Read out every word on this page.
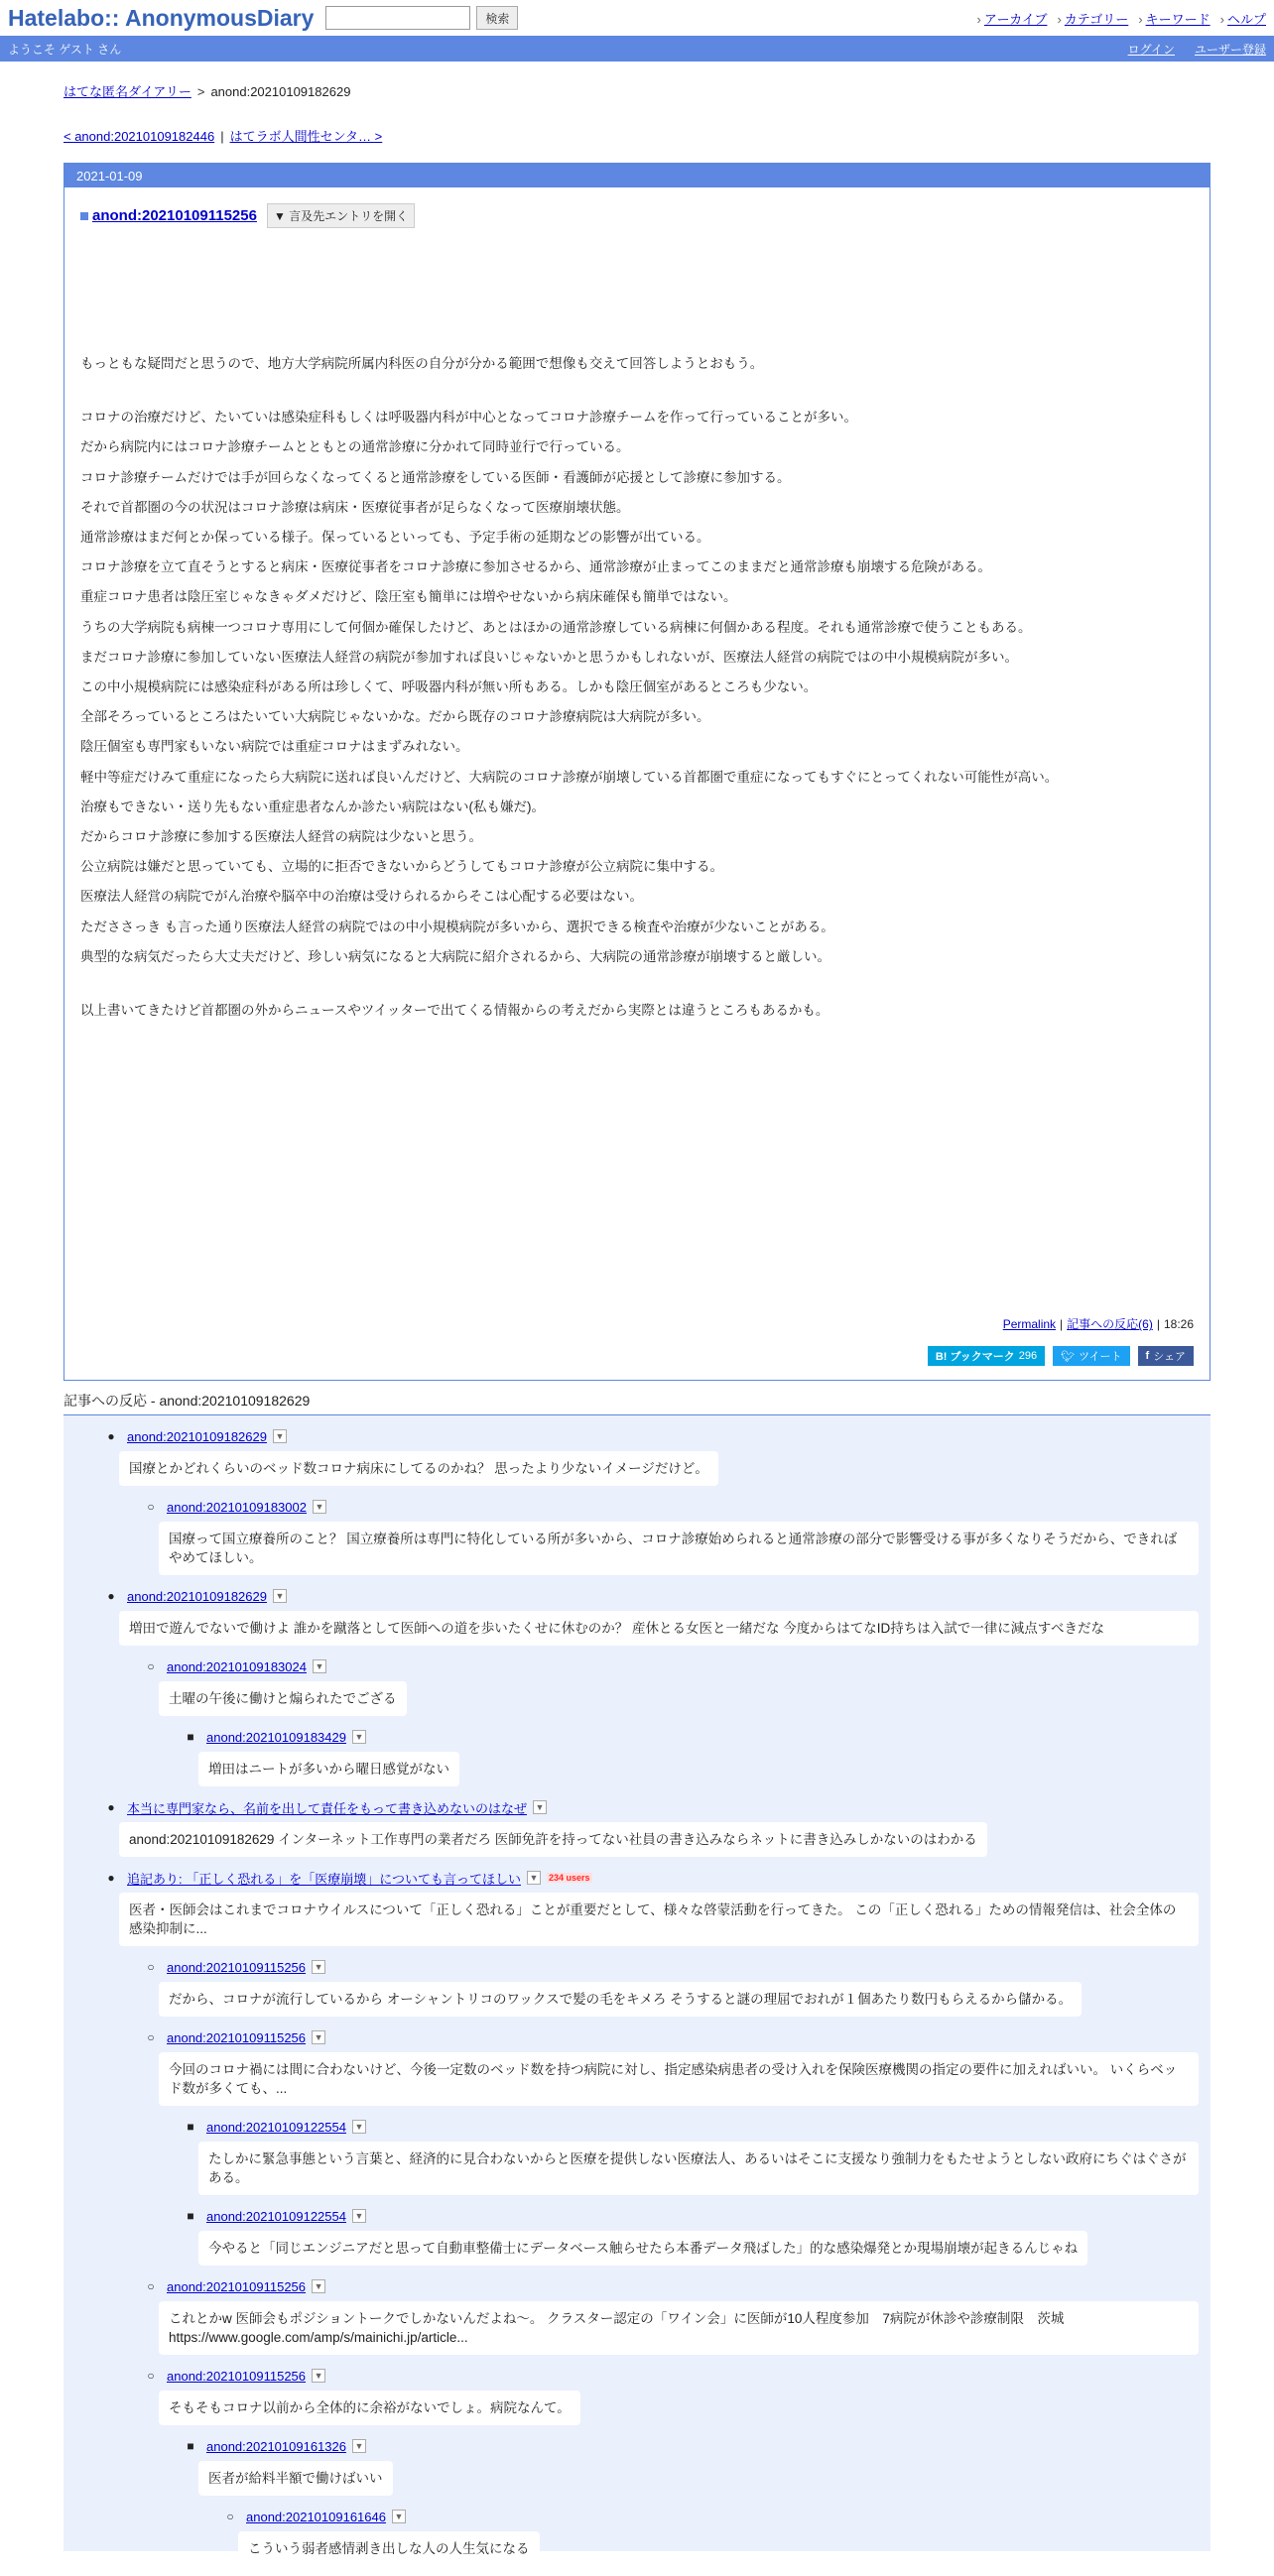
Hatelabo:: AnonymousDiary	検索	› アーカイブ	› カテゴリー	› キーワード	› ヘルプ
ようこそ ゲスト さん	ログイン ユーザー登録
はてな匿名ダイアリー > anond:20210109182629
< anond:20210109182446 | はてラボ人間性センタ… >
2021-01-09
anond:20210109115256	▼ 言及先エントリを開く

もっともな疑問だと思うので、地方大学病院所属内科医の自分が分かる範囲で想像も交えて回答しようとおもう。

コロナの治療だけど、たいていは感染症科もしくは呼吸器内科が中心となってコロナ診療チームを作って行っていることが多い。

だから病院内にはコロナ診療チームとともとの通常診療に分かれて同時並行で行っている。

コロナ診療チームだけでは手が回らなくなってくると通常診療をしている医師・看護師が応援として診療に参加する。

それで首都圏の今の状況はコロナ診療は病床・医療従事者が足らなくなって医療崩壊状態。

通常診療はまだ何とか保っている様子。保っているといっても、予定手術の延期などの影響が出ている。

コロナ診療を立て直そうとすると病床・医療従事者をコロナ診療に参加させるから、通常診療が止まってこのままだと通常診療も崩壊する危険がある。

重症コロナ患者は陰圧室じゃなきゃダメだけど、陰圧室も簡単には増やせないから病床確保も簡単ではない。

うちの大学病院も病棟一つコロナ専用にして何個か確保したけど、あとはほかの通常診療している病棟に何個かある程度。それも通常診療で使うこともある。

まだコロナ診療に参加していない医療法人経営の病院が参加すれば良いじゃないかと思うかもしれないが、医療法人経営の病院ではの中小規模病院が多い。

この中小規模病院には感染症科がある所は珍しくて、呼吸器内科が無い所もある。しかも陰圧個室があるところも少ない。

全部そろっているところはたいてい大病院じゃないかな。だから既存のコロナ診療病院は大病院が多い。

陰圧個室も専門家もいない病院では重症コロナはまずみれない。

軽中等症だけみて重症になったら大病院に送れば良いんだけど、大病院のコロナ診療が崩壊している首都圏で重症になってもすぐにとってくれない可能性が高い。

治療もできない・送り先もない重症患者なんか診たい病院はない(私も嫌だ)。

だからコロナ診療に参加する医療法人経営の病院は少ないと思う。

公立病院は嫌だと思っていても、立場的に拒否できないからどうしてもコロナ診療が公立病院に集中する。

医療法人経営の病院でがん治療や脳卒中の治療は受けられるからそこは心配する必要はない。

ただささっき も言った通り医療法人経営の病院ではの中小規模病院が多いから、選択できる検査や治療が少ないことがある。

典型的な病気だったら大丈夫だけど、珍しい病気になると大病院に紹介されるから、大病院の通常診療が崩壊すると厳しい。

以上書いてきたけど首都圏の外からニュースやツイッターで出てくる情報からの考えだから実際とは違うところもあるかも。

Permalink | 記事への反応(6) | 18:26
B! ブックマーク 296 🐦︎ ツイート f シェア
記事への反応 - anond:20210109182629
● anond:20210109182629 ▼
国療とかどれくらいのベッド数コロナ病床にしてるのかね？ 思ったより少ないイメージだけど。
○ anond:20210109183002 ▼
国療って国立療養所のこと？ 国立療養所は専門に特化している所が多いから、コロナ診療始められると通常診療の部分で影響受ける事が多くなりそうだから、できればやめてほしい。
● anond:20210109182629 ▼
増田で遊んでないで働けよ 誰かを蹴落として医師への道を歩いたくせに休むのか？ 産休とる女医と一緒だな 今度からはてなID持ちは入試で一律に減点すべきだな
○ anond:20210109183024 ▼
土曜の午後に働けと煽られたでござる
■ anond:20210109183429 ▼
増田はニートが多いから曜日感覚がない
● 本当に専門家なら、名前を出して責任をもって書き込めないのはなぜ ▼
anond:20210109182629 インターネット工作専門の業者だろ 医師免許を持ってない社員の書き込みならネットに書き込みしかないのはわかる
● 追記あり: 「正しく恐れる」を「医療崩壊」についても言ってほしい ▼ 234 users
医者・医師会はこれまでコロナウイルスについて「正しく恐れる」ことが重要だとして、様々な啓蒙活動を行ってきた。 この「正しく恐れる」ための情報発信は、社会全体の感染抑制に...
○ anond:20210109115256 ▼
だから、コロナが流行しているから オーシャントリコのワックスで髪の毛をキメろ そうすると謎の理屈でおれが１個あたり数円もらえるから儲かる。
○ anond:20210109115256 ▼
今回のコロナ禍には間に合わないけど、今後一定数のベッド数を持つ病院に対し、指定感染病患者の受け入れを保険医療機関の指定の要件に加えればいい。 いくらベッド数が多くても、...
■ anond:20210109122554 ▼
たしかに緊急事態という言葉と、経済的に見合わないからと医療を提供しない医療法人、あるいはそこに支援なり強制力をもたせようとしない政府にちぐはぐさがある。
■ anond:20210109122554 ▼
今やると「同じエンジニアだと思って自動車整備士にデータベース触らせたら本番データ飛ばした」的な感染爆発とか現場崩壊が起きるんじゃね
○ anond:20210109115256 ▼
これとかw 医師会もポジショントークでしかないんだよね〜。 クラスター認定の「ワイン会」に医師が10人程度参加　7病院が休診や診療制限　茨城 https://www.google.com/amp/s/mainichi.jp/article...
○ anond:20210109115256 ▼
そもそもコロナ以前から全体的に余裕がないでしょ。病院なんて。
■ anond:20210109161326 ▼
医者が給料半額で働けばいい
○ anond:20210109161646 ▼
こういう弱者感情剥き出しな人の人生気になる
